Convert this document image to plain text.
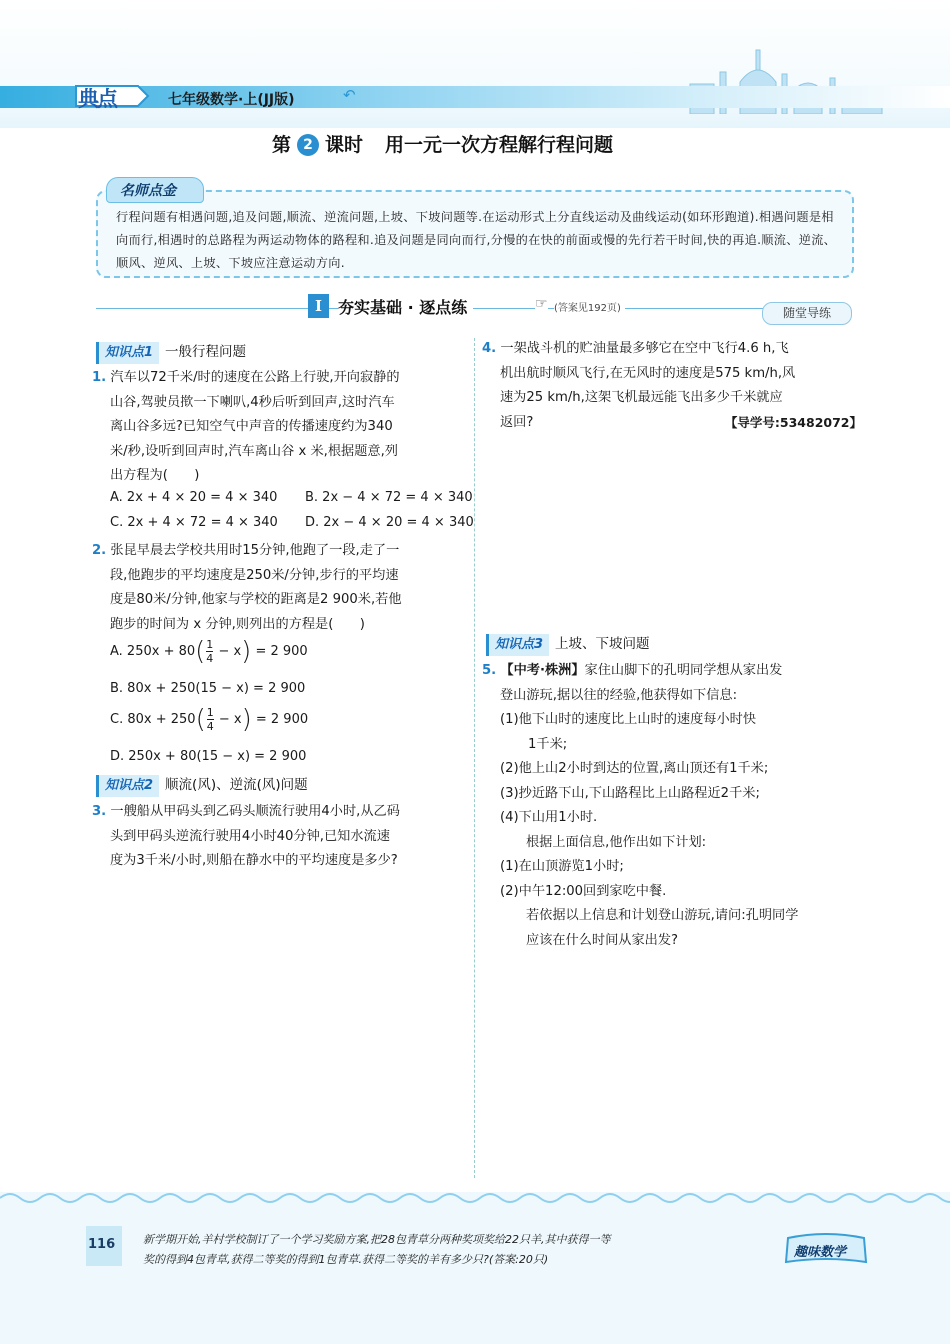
典点	七年级数学·上(JJ版)	↶
第 2 课时 用一元一次方程解行程问题
名师点金
行程问题有相遇问题,追及问题,顺流、逆流问题,上坡、下坡问题等.在运动形式上分直线运动及曲线运动(如环形跑道).相遇问题是相向而行,相遇时的总路程为两运动物体的路程和.追及问题是同向而行,分慢的在快的前面或慢的先行若干时间,快的再追.顺流、逆流、顺风、逆风、上坡、下坡应注意运动方向.
I 夯实基础 · 逐点练	☞ (答案见192页)	随堂导练
知识点1 一般行程问题
1. 汽车以72千米/时的速度在公路上行驶,开向寂静的
山谷,驾驶员揿一下喇叭,4秒后听到回声,这时汽车
离山谷多远?已知空气中声音的传播速度约为340
米/秒,设听到回声时,汽车离山谷 x 米,根据题意,列
出方程为(　　)
A. 2x + 4 × 20 = 4 × 340 B. 2x − 4 × 72 = 4 × 340
C. 2x + 4 × 72 = 4 × 340 D. 2x − 4 × 20 = 4 × 340
2. 张昆早晨去学校共用时15分钟,他跑了一段,走了一
段,他跑步的平均速度是250米/分钟,步行的平均速
度是80米/分钟,他家与学校的距离是2 900米,若他
跑步的时间为 x 分钟,则列出的方程是(　　)
A. $250x + 80(\frac{1}{4} - x) = 2$ 900
B. 80x + 250(15 − x) = 2 900
C. $80x + 250(\frac{1}{4} - x) = 2$ 900
D. 250x + 80(15 − x) = 2 900
知识点2 顺流(风)、逆流(风)问题
3. 一艘船从甲码头到乙码头顺流行驶用4小时,从乙码
头到甲码头逆流行驶用4小时40分钟,已知水流速
度为3千米/小时,则船在静水中的平均速度是多少?
4. 一架战斗机的贮油量最多够它在空中飞行4.6 h,飞
机出航时顺风飞行,在无风时的速度是575 km/h,风
速为25 km/h,这架飞机最远能飞出多少千米就应
返回?	【导学号:53482072】
知识点3 上坡、下坡问题
5. 【中考·株洲】家住山脚下的孔明同学想从家出发
登山游玩,据以往的经验,他获得如下信息:
(1)他下山时的速度比上山时的速度每小时快
1千米;
(2)他上山2小时到达的位置,离山顶还有1千米;
(3)抄近路下山,下山路程比上山路程近2千米;
(4)下山用1小时.
根据上面信息,他作出如下计划:
(1)在山顶游览1小时;
(2)中午12:00回到家吃中餐.
若依据以上信息和计划登山游玩,请问:孔明同学
应该在什么时间从家出发?
116	新学期开始,羊村学校制订了一个学习奖励方案,把28包青草分两种奖项奖给22只羊,其中获得一等
奖的得到4包青草,获得二等奖的得到1包青草.获得二等奖的羊有多少只?(答案:20只)	趣味数学
